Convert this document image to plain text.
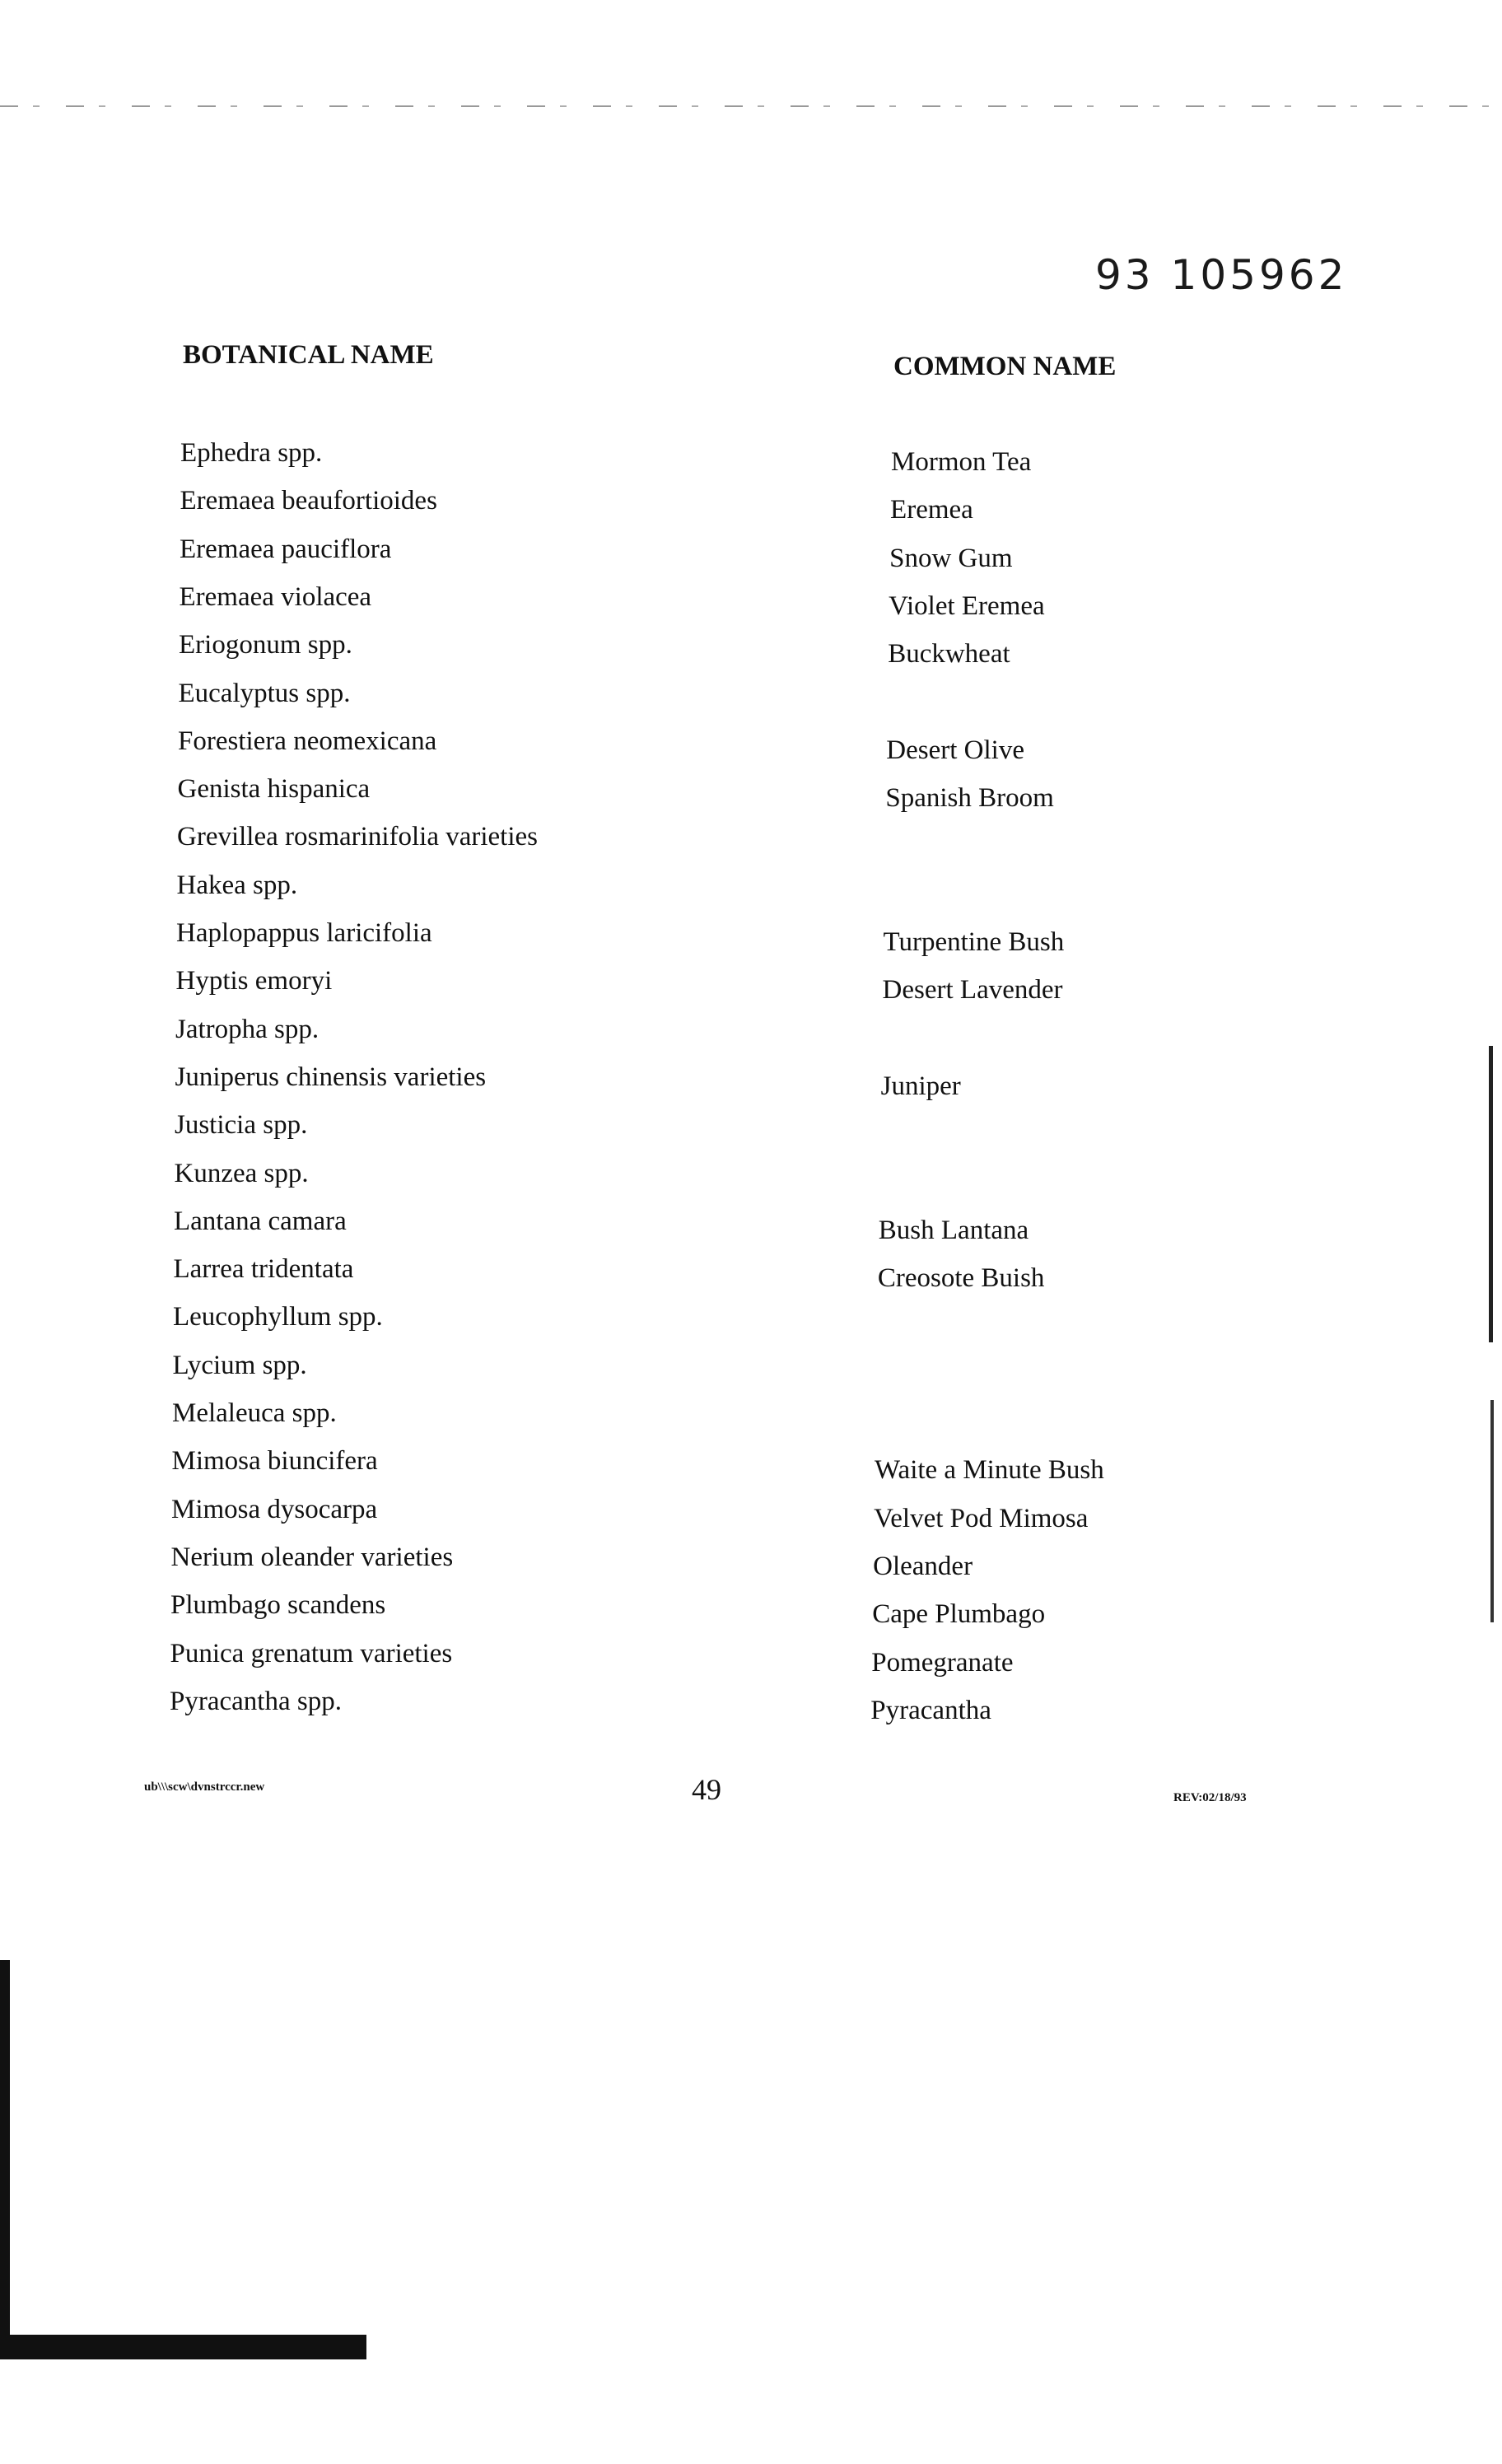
93 105962
BOTANICAL NAME	COMMON NAME
Ephedra spp.	Mormon Tea
Eremaea beaufortioides	Eremea
Eremaea pauciflora	Snow Gum
Eremaea violacea	Violet Eremea
Eriogonum spp.	Buckwheat
Eucalyptus spp.
Forestiera neomexicana	Desert Olive
Genista hispanica	Spanish Broom
Grevillea rosmarinifolia varieties
Hakea spp.
Haplopappus laricifolia	Turpentine Bush
Hyptis emoryi	Desert Lavender
Jatropha spp.
Juniperus chinensis varieties	Juniper
Justicia spp.
Kunzea spp.
Lantana camara	Bush Lantana
Larrea tridentata	Creosote Buish
Leucophyllum spp.
Lycium spp.
Melaleuca spp.
Mimosa biuncifera	Waite a Minute Bush
Mimosa dysocarpa	Velvet Pod Mimosa
Nerium oleander varieties	Oleander
Plumbago scandens	Cape Plumbago
Punica grenatum varieties	Pomegranate
Pyracantha spp.	Pyracantha
ub\\\scw\dvnstrccr.new	49	REV:02/18/93
